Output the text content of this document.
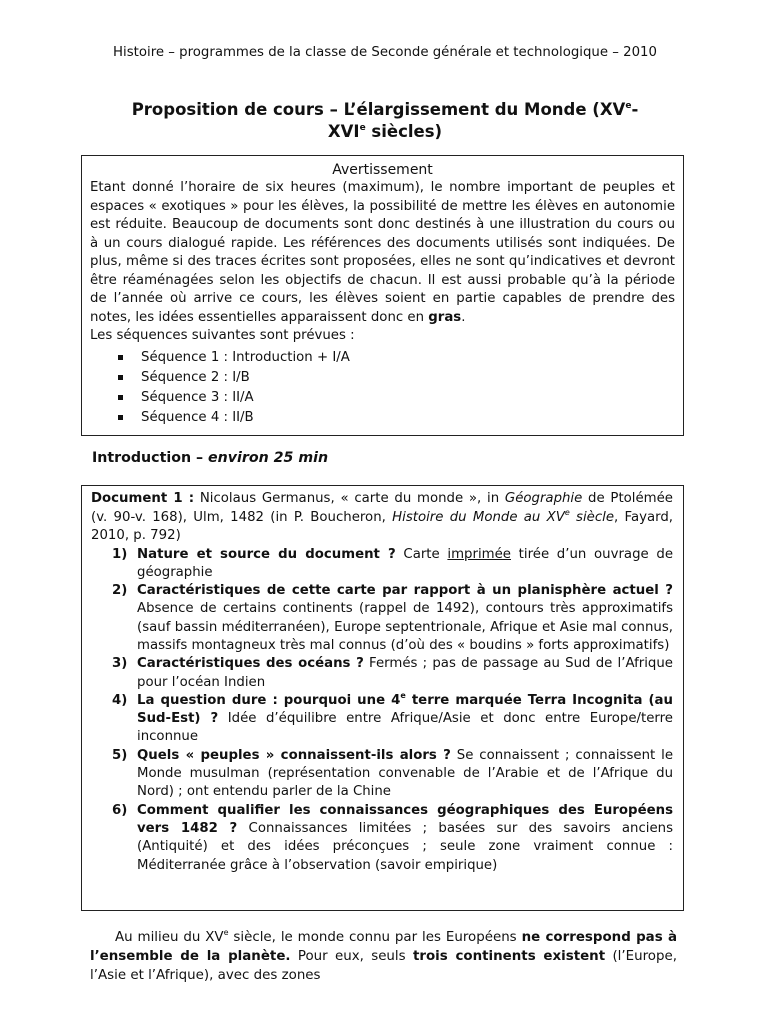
Histoire – programmes de la classe de Seconde générale et technologique – 2010
Proposition de cours – L’élargissement du Monde (XVe-
XVIe siècles)
Avertissement
Etant donné l’horaire de six heures (maximum), le nombre important de peuples et espaces « exotiques » pour les élèves, la possibilité de mettre les élèves en autonomie est réduite. Beaucoup de documents sont donc destinés à une illustration du cours ou à un cours dialogué rapide. Les références des documents utilisés sont indiquées. De plus, même si des traces écrites sont proposées, elles ne sont qu’indicatives et devront être réaménagées selon les objectifs de chacun. Il est aussi probable qu’à la période de l’année où arrive ce cours, les élèves soient en partie capables de prendre des notes, les idées essentielles apparaissent donc en gras.
Les séquences suivantes sont prévues :
Séquence 1 : Introduction + I/A
Séquence 2 : I/B
Séquence 3 : II/A
Séquence 4 : II/B
Introduction – environ 25 min
Document 1 : Nicolaus Germanus, « carte du monde », in Géographie de Ptolémée (v. 90-v. 168), Ulm, 1482 (in P. Boucheron, Histoire du Monde au XVe siècle, Fayard, 2010, p. 792)
1) Nature et source du document ? Carte imprimée tirée d’un ouvrage de géographie
2) Caractéristiques de cette carte par rapport à un planisphère actuel ? Absence de certains continents (rappel de 1492), contours très approximatifs (sauf bassin méditerranéen), Europe septentrionale, Afrique et Asie mal connus, massifs montagneux très mal connus (d’où des « boudins » forts approximatifs)
3) Caractéristiques des océans ? Fermés ; pas de passage au Sud de l’Afrique pour l’océan Indien
4) La question dure : pourquoi une 4e terre marquée Terra Incognita (au Sud-Est) ? Idée d’équilibre entre Afrique/Asie et donc entre Europe/terre inconnue
5) Quels « peuples » connaissent-ils alors ? Se connaissent ; connaissent le Monde musulman (représentation convenable de l’Arabie et de l’Afrique du Nord) ; ont entendu parler de la Chine
6) Comment qualifier les connaissances géographiques des Européens vers 1482 ? Connaissances limitées ; basées sur des savoirs anciens (Antiquité) et des idées préconçues ; seule zone vraiment connue : Méditerranée grâce à l’observation (savoir empirique)
Au milieu du XVe siècle, le monde connu par les Européens ne correspond pas à l’ensemble de la planète. Pour eux, seuls trois continents existent (l’Europe, l’Asie et l’Afrique), avec des zones
